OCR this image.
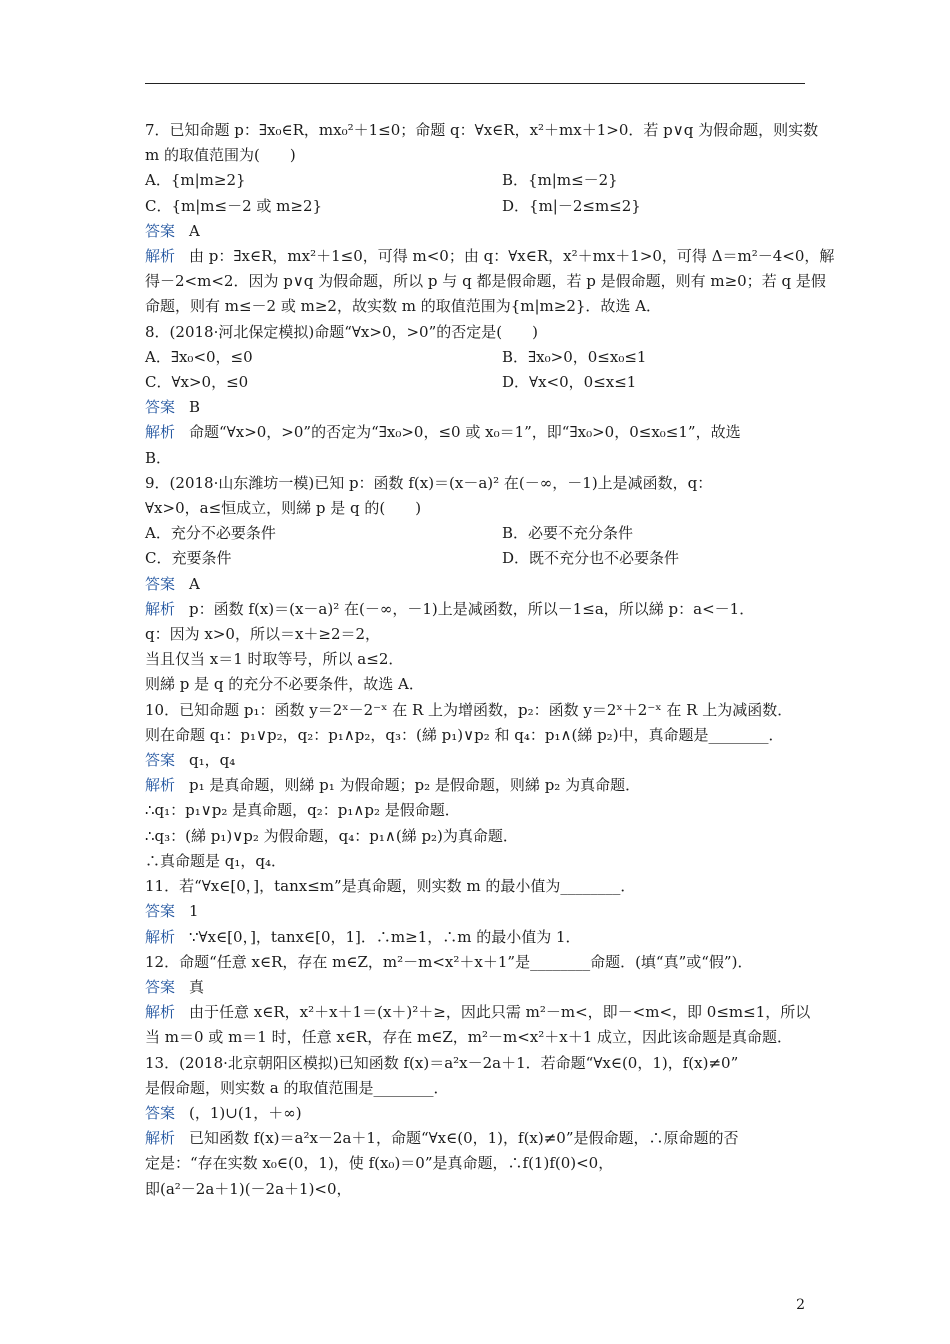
7．已知命题 p：∃x₀∈R，mx₀²＋1≤0；命题 q：∀x∈R，x²＋mx＋1>0．若 p∨q 为假命题，则实数
m 的取值范围为(　　)
A．{m|m≥2}	B．{m|m≤－2}
C．{m|m≤－2 或 m≥2}	D．{m|－2≤m≤2}
答案 A
解析 由 p：∃x∈R，mx²＋1≤0，可得 m<0；由 q：∀x∈R，x²＋mx＋1>0，可得 Δ＝m²－4<0，解
得－2<m<2．因为 p∨q 为假命题，所以 p 与 q 都是假命题，若 p 是假命题，则有 m≥0；若 q 是假
命题，则有 m≤－2 或 m≥2，故实数 m 的取值范围为{m|m≥2}．故选 A．
8．(2018·河北保定模拟)命题“∀x>0，>0”的否定是(　　)
A．∃x₀<0，≤0	B．∃x₀>0，0≤x₀≤1
C．∀x>0，≤0	D．∀x<0，0≤x≤1
答案 B
解析 命题“∀x>0，>0”的否定为“∃x₀>0，≤0 或 x₀＝1”，即“∃x₀>0，0≤x₀≤1”，故选
B．
9．(2018·山东潍坊一模)已知 p：函数 f(x)＝(x－a)² 在(－∞，－1)上是减函数，q：
∀x>0，a≤恒成立，则綈 p 是 q 的(　　)
A．充分不必要条件	B．必要不充分条件
C．充要条件	D．既不充分也不必要条件
答案 A
解析 p：函数 f(x)＝(x－a)² 在(－∞，－1)上是减函数，所以－1≤a，所以綈 p：a<－1．
q：因为 x>0，所以＝x＋≥2＝2，
当且仅当 x＝1 时取等号，所以 a≤2．
则綈 p 是 q 的充分不必要条件，故选 A．
10．已知命题 p₁：函数 y＝2ˣ－2⁻ˣ 在 R 上为增函数，p₂：函数 y＝2ˣ＋2⁻ˣ 在 R 上为减函数．
则在命题 q₁：p₁∨p₂，q₂：p₁∧p₂，q₃：(綈 p₁)∨p₂ 和 q₄：p₁∧(綈 p₂)中，真命题是________．
答案 q₁，q₄
解析 p₁ 是真命题，则綈 p₁ 为假命题；p₂ 是假命题，则綈 p₂ 为真命题．
∴q₁：p₁∨p₂ 是真命题，q₂：p₁∧p₂ 是假命题．
∴q₃：(綈 p₁)∨p₂ 为假命题，q₄：p₁∧(綈 p₂)为真命题．
∴真命题是 q₁，q₄．
11．若“∀x∈[0，]，tanx≤m”是真命题，则实数 m 的最小值为________．
答案 1
解析 ∵∀x∈[0，]，tanx∈[0，1]．∴m≥1，∴m 的最小值为 1．
12．命题“任意 x∈R，存在 m∈Z，m²－m<x²＋x＋1”是________命题．(填“真”或“假”)．
答案 真
解析 由于任意 x∈R，x²＋x＋1＝(x＋)²＋≥，因此只需 m²－m<，即－<m<，即 0≤m≤1，所以
当 m＝0 或 m＝1 时，任意 x∈R，存在 m∈Z，m²－m<x²＋x＋1 成立，因此该命题是真命题．
13．(2018·北京朝阳区模拟)已知函数 f(x)＝a²x－2a＋1．若命题“∀x∈(0，1)，f(x)≠0”
是假命题，则实数 a 的取值范围是________．
答案 (，1)∪(1，＋∞)
解析 已知函数 f(x)＝a²x－2a＋1，命题“∀x∈(0，1)，f(x)≠0”是假命题，∴原命题的否
定是：“存在实数 x₀∈(0，1)，使 f(x₀)＝0”是真命题，∴f(1)f(0)<0，
即(a²－2a＋1)(－2a＋1)<0，
2
